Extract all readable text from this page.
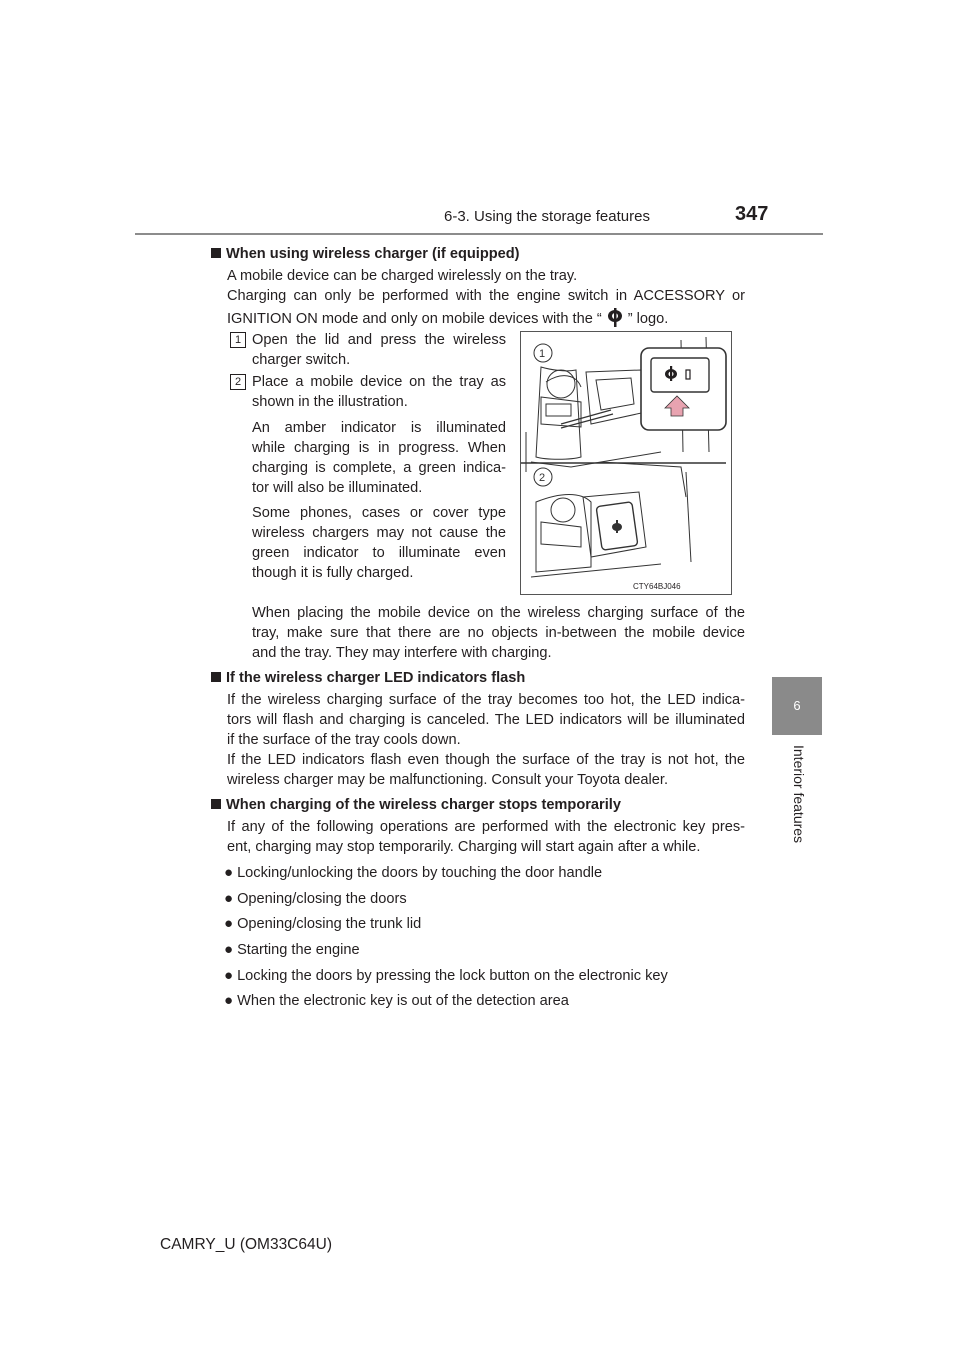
6-3. Using the storage features	347
6
Interior features
When using wireless charger (if equipped)
A mobile device can be charged wirelessly on the tray.
Charging can only be performed with the engine switch in ACCESSORY or
IGNITION ON mode and only on mobile devices with the “ ” logo.
1 Open the lid and press the wireless
charger switch.
2 Place a mobile device on the tray as
shown in the illustration.
An amber indicator is illuminated
while charging is in progress. When
charging is complete, a green indica-
tor will also be illuminated.
Some phones, cases or cover type
wireless chargers may not cause the
green indicator to illuminate even
though it is fully charged.
1
2
CTY64BJ046
When placing the mobile device on the wireless charging surface of the
tray, make sure that there are no objects in-between the mobile device
and the tray. They may interfere with charging.
If the wireless charger LED indicators flash
If the wireless charging surface of the tray becomes too hot, the LED indica-
tors will flash and charging is canceled. The LED indicators will be illuminated
if the surface of the tray cools down.
If the LED indicators flash even though the surface of the tray is not hot, the
wireless charger may be malfunctioning. Consult your Toyota dealer.
When charging of the wireless charger stops temporarily
If any of the following operations are performed with the electronic key pres-
ent, charging may stop temporarily. Charging will start again after a while.
● Locking/unlocking the doors by touching the door handle
● Opening/closing the doors
● Opening/closing the trunk lid
● Starting the engine
● Locking the doors by pressing the lock button on the electronic key
● When the electronic key is out of the detection area
CAMRY_U (OM33C64U)
